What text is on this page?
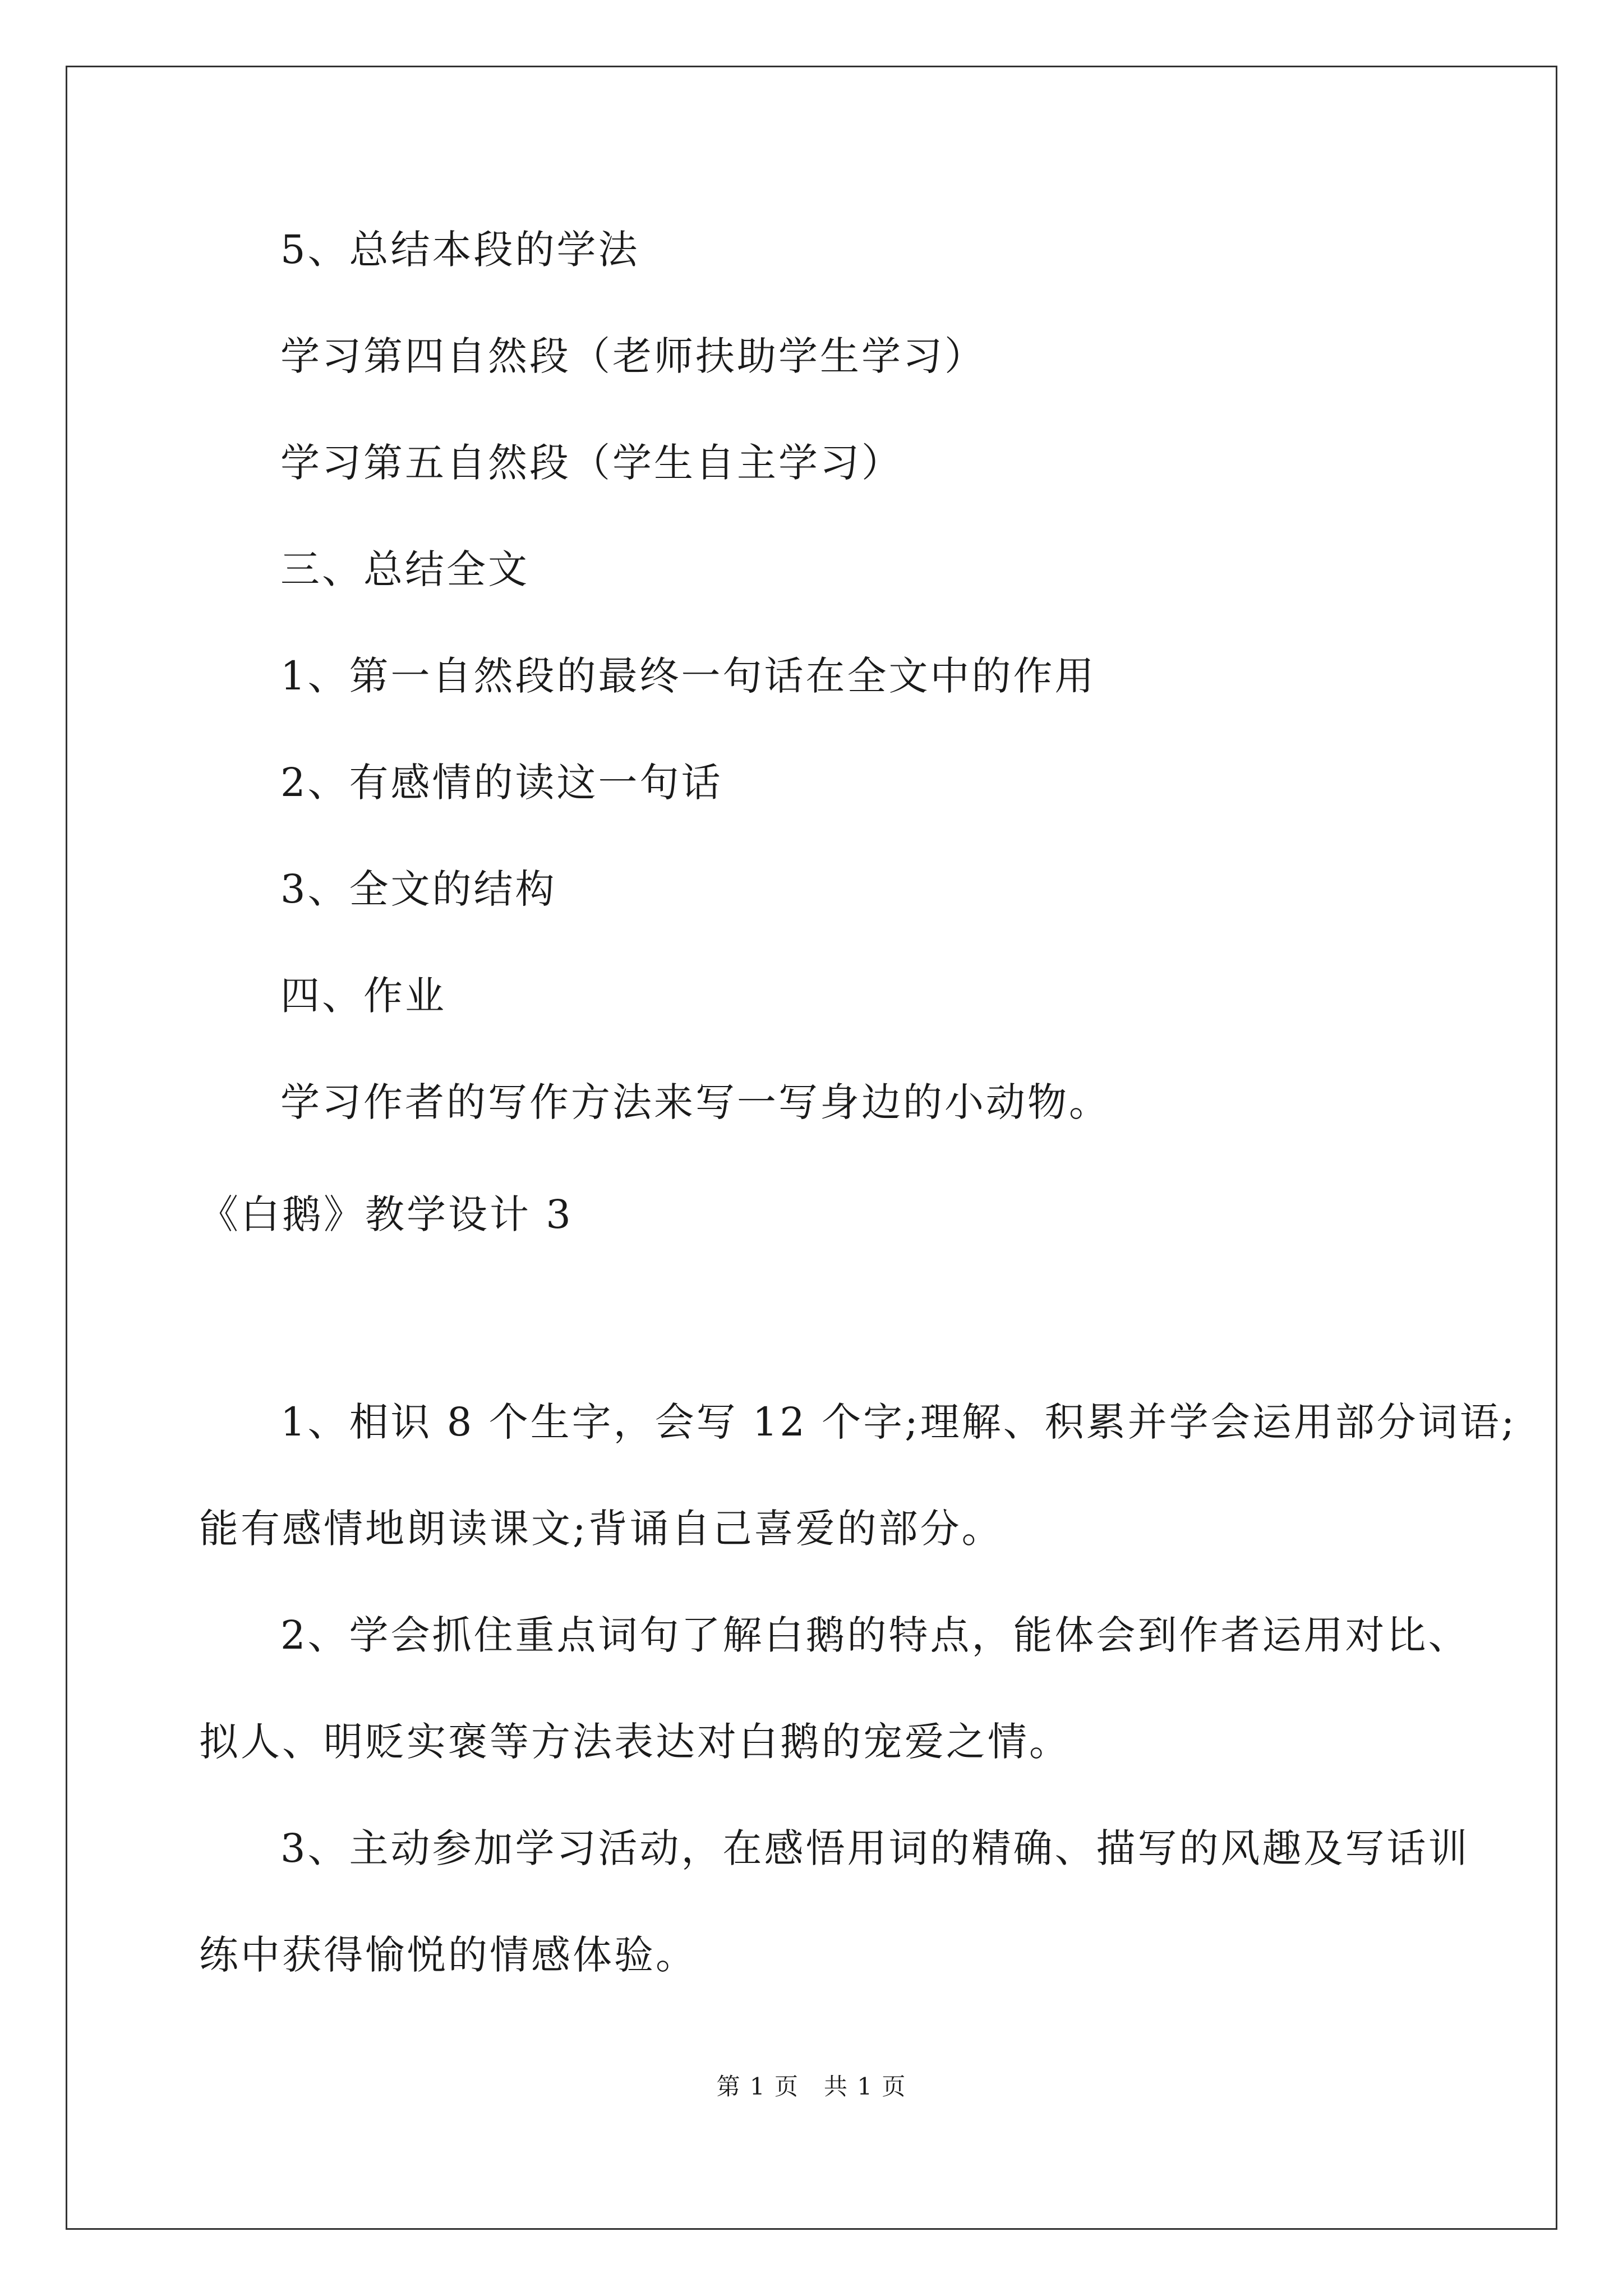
5、总结本段的学法
学习第四自然段（老师扶助学生学习）
学习第五自然段（学生自主学习）
三、总结全文
1、第一自然段的最终一句话在全文中的作用
2、有感情的读这一句话
3、全文的结构
四、作业
学习作者的写作方法来写一写身边的小动物。
《白鹅》教学设计 3
1、相识 8 个生字，会写 12 个字;理解、积累并学会运用部分词语;
能有感情地朗读课文;背诵自己喜爱的部分。
2、学会抓住重点词句了解白鹅的特点，能体会到作者运用对比、
拟人、明贬实褒等方法表达对白鹅的宠爱之情。
3、主动参加学习活动，在感悟用词的精确、描写的风趣及写话训
练中获得愉悦的情感体验。
第 1 页　共 1 页
